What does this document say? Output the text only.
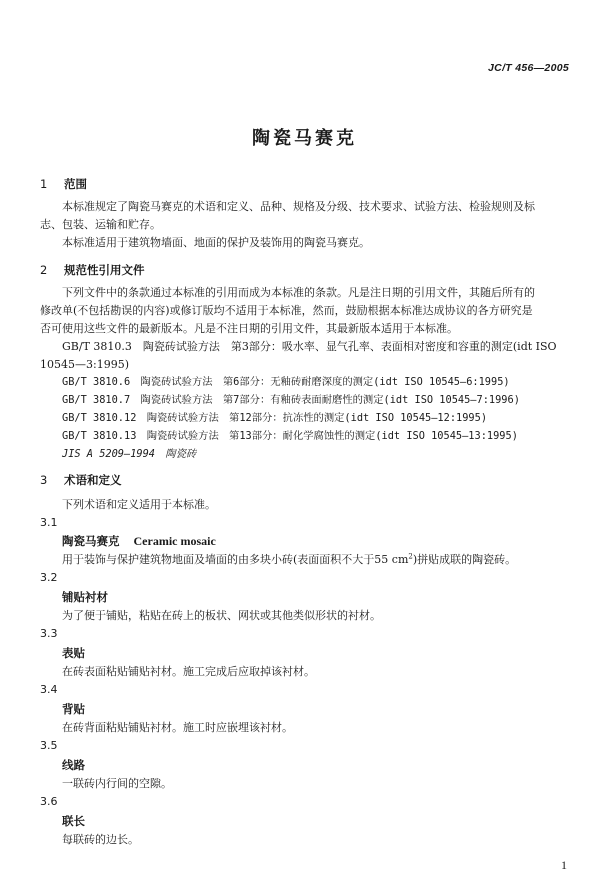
JC/T 456—2005
陶瓷马赛克
1 范围
本标准规定了陶瓷马赛克的术语和定义、品种、规格及分级、技术要求、试验方法、检验规则及标
志、包装、运输和贮存。
本标准适用于建筑物墙面、地面的保护及装饰用的陶瓷马赛克。
2 规范性引用文件
下列文件中的条款通过本标准的引用而成为本标准的条款。凡是注日期的引用文件，其随后所有的
修改单(不包括勘误的内容)或修订版均不适用于本标准，然而，鼓励根据本标准达成协议的各方研究是
否可使用这些文件的最新版本。凡是不注日期的引用文件，其最新版本适用于本标准。
GB/T 3810.3　陶瓷砖试验方法　第3部分：吸水率、显气孔率、表面相对密度和容重的测定(idt ISO
10545—3:1995)
GB/T 3810.6　陶瓷砖试验方法　第6部分：无釉砖耐磨深度的测定(idt ISO 10545—6:1995)
GB/T 3810.7　陶瓷砖试验方法　第7部分：有釉砖表面耐磨性的测定(idt ISO 10545—7:1996)
GB/T 3810.12　陶瓷砖试验方法　第12部分：抗冻性的测定(idt ISO 10545—12:1995)
GB/T 3810.13　陶瓷砖试验方法　第13部分：耐化学腐蚀性的测定(idt ISO 10545—13:1995)
JIS A 5209—1994　陶瓷砖
3 术语和定义
下列术语和定义适用于本标准。
3.1
陶瓷马赛克 Ceramic mosaic
用于装饰与保护建筑物地面及墙面的由多块小砖(表面面积不大于55 $cm^2$)拼贴成联的陶瓷砖。
3.2
铺贴衬材
为了便于铺贴，粘贴在砖上的板状、网状或其他类似形状的衬材。
3.3
表贴
在砖表面粘贴铺贴衬材。施工完成后应取掉该衬材。
3.4
背贴
在砖背面粘贴铺贴衬材。施工时应嵌埋该衬材。
3.5
线路
一联砖内行间的空隙。
3.6
联长
每联砖的边长。
1
